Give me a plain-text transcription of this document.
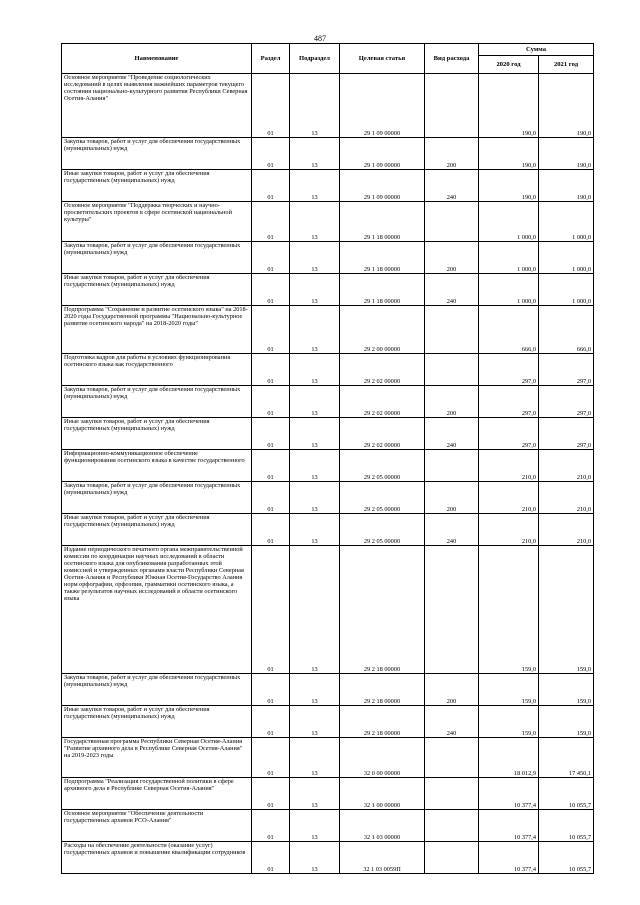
487
Наименование	Раздел	Подраздел	Целевая статья	Вид расхода	Сумма	
					2020 год	2021 год
Основное мероприятие "Проведение социологических исследований в целях выявления важнейших параметров текущего состояния национально-культурного развития Республики Северная Осетия-Алания"	01	13	29 1 09 00000		190,0	190,0
Закупка товаров, работ и услуг для обеспечения государственных (муниципальных) нужд	01	13	29 1 09 00000	200	190,0	190,0
Иные закупки товаров, работ и услуг для обеспечения государственных (муниципальных) нужд	01	13	29 1 09 00000	240	190,0	190,0
Основное мероприятие "Поддержка творческих и научно-просветительских проектов в сфере осетинской национальной культуры"	01	13	29 1 18 00000		1 000,0	1 000,0
Закупка товаров, работ и услуг для обеспечения государственных (муниципальных) нужд	01	13	29 1 18 00000	200	1 000,0	1 000,0
Иные закупки товаров, работ и услуг для обеспечения государственных (муниципальных) нужд	01	13	29 1 18 00000	240	1 000,0	1 000,0
Подпрограмма "Сохранение и развитие осетинского языка" на 2018-2020 годы Государственной программы "Национально-культурное развитие осетинского народа" на 2018-2020 годы"	01	13	29 2 00 00000		666,0	666,0
Подготовка кадров для работы в условиях функционирования осетинского языка как государственного	01	13	29 2 02 00000		297,0	297,0
Закупка товаров, работ и услуг для обеспечения государственных (муниципальных) нужд	01	13	29 2 02 00000	200	297,0	297,0
Иные закупки товаров, работ и услуг для обеспечения государственных (муниципальных) нужд	01	13	29 2 02 00000	240	297,0	297,0
Информационно-коммуникационное обеспечение функционирования осетинского языка в качестве государственного	01	13	29 2 05 00000		210,0	210,0
Закупка товаров, работ и услуг для обеспечения государственных (муниципальных) нужд	01	13	29 2 05 00000	200	210,0	210,0
Иные закупки товаров, работ и услуг для обеспечения государственных (муниципальных) нужд	01	13	29 2 05 00000	240	210,0	210,0
Издание периодического печатного органа межправительственной комиссии по координации научных исследований в области осетинского языка для опубликования разработанных этой комиссией и утвержденных органами власти Республики Северная Осетия-Алания и Республики Южная Осетия-Государство Алания норм орфографии, орфоэпии, грамматики осетинского языка, а также результатов научных исследований в области осетинского языка	01	13	29 2 18 00000		159,0	159,0
Закупка товаров, работ и услуг для обеспечения государственных (муниципальных) нужд	01	13	29 2 18 00000	200	159,0	159,0
Иные закупки товаров, работ и услуг для обеспечения государственных (муниципальных) нужд	01	13	29 2 18 00000	240	159,0	159,0
Государственная программа Республики Северная Осетия-Алания "Развитие архивного дела в Республике Северная Осетия-Алания" на 2019-2023 годы	01	13	32 0 00 00000		18 012,9	17 450,1
Подпрограмма "Реализация государственной политики в сфере архивного дела в Республике Северная Осетия-Алания"	01	13	32 1 00 00000		10 377,4	10 055,7
Основное мероприятие "Обеспечение деятельности государственных архивов РСО-Алания"	01	13	32 1 03 00000		10 377,4	10 055,7
Расходы на обеспечение деятельности (оказание услуг) государственных архивов и повышение квалификации сотрудников	01	13	32 1 03 0059П		10 377,4	10 055,7
